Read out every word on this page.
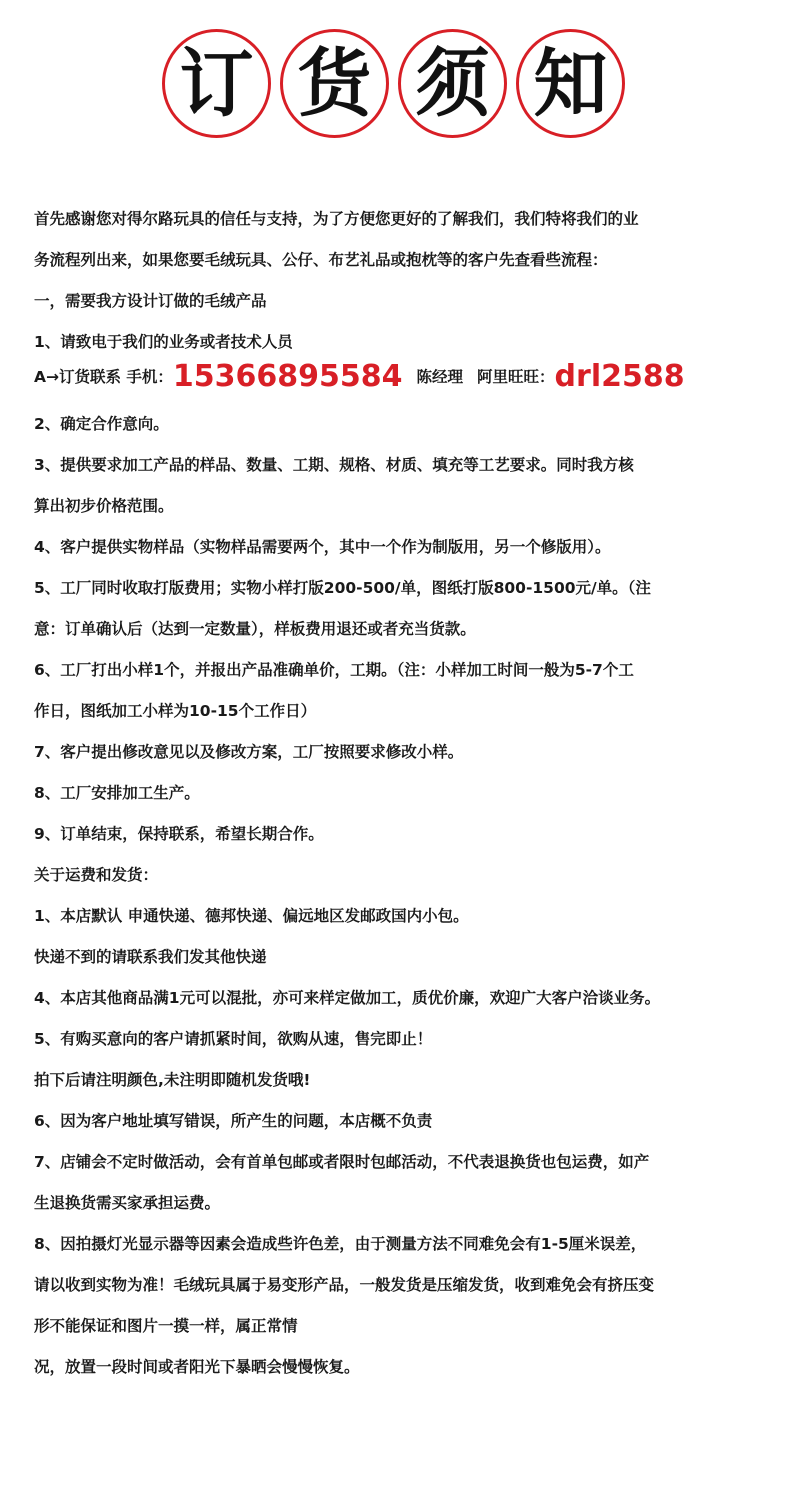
订 货 须 知
首先感谢您对得尔路玩具的信任与支持，为了方便您更好的了解我们，我们特将我们的业
务流程列出来，如果您要毛绒玩具、公仔、布艺礼品或抱枕等的客户先查看些流程：
一，需要我方设计订做的毛绒产品
1、请致电于我们的业务或者技术人员
A→订货联系 手机：15366895584 陈经理 阿里旺旺：drl2588
2、确定合作意向。
3、提供要求加工产品的样品、数量、工期、规格、材质、填充等工艺要求。同时我方核
算出初步价格范围。
4、客户提供实物样品（实物样品需要两个，其中一个作为制版用，另一个修版用）。
5、工厂同时收取打版费用；实物小样打版200-500/单，图纸打版800-1500元/单。（注
意：订单确认后（达到一定数量），样板费用退还或者充当货款。
6、工厂打出小样1个，并报出产品准确单价，工期。（注：小样加工时间一般为5-7个工
作日，图纸加工小样为10-15个工作日）
7、客户提出修改意见以及修改方案，工厂按照要求修改小样。
8、工厂安排加工生产。
9、订单结束，保持联系，希望长期合作。
关于运费和发货：
1、本店默认 申通快递、德邦快递、偏远地区发邮政国内小包。
快递不到的请联系我们发其他快递
4、本店其他商品满1元可以混批，亦可来样定做加工，质优价廉，欢迎广大客户洽谈业务。
5、有购买意向的客户请抓紧时间，欲购从速，售完即止！
拍下后请注明颜色,未注明即随机发货哦!
6、因为客户地址填写错误，所产生的问题，本店概不负责
7、店铺会不定时做活动，会有首单包邮或者限时包邮活动，不代表退换货也包运费，如产
生退换货需买家承担运费。
8、因拍摄灯光显示器等因素会造成些许色差，由于测量方法不同难免会有1-5厘米误差，
请以收到实物为准！毛绒玩具属于易变形产品，一般发货是压缩发货，收到难免会有挤压变
形不能保证和图片一摸一样，属正常情
况，放置一段时间或者阳光下暴晒会慢慢恢复。
